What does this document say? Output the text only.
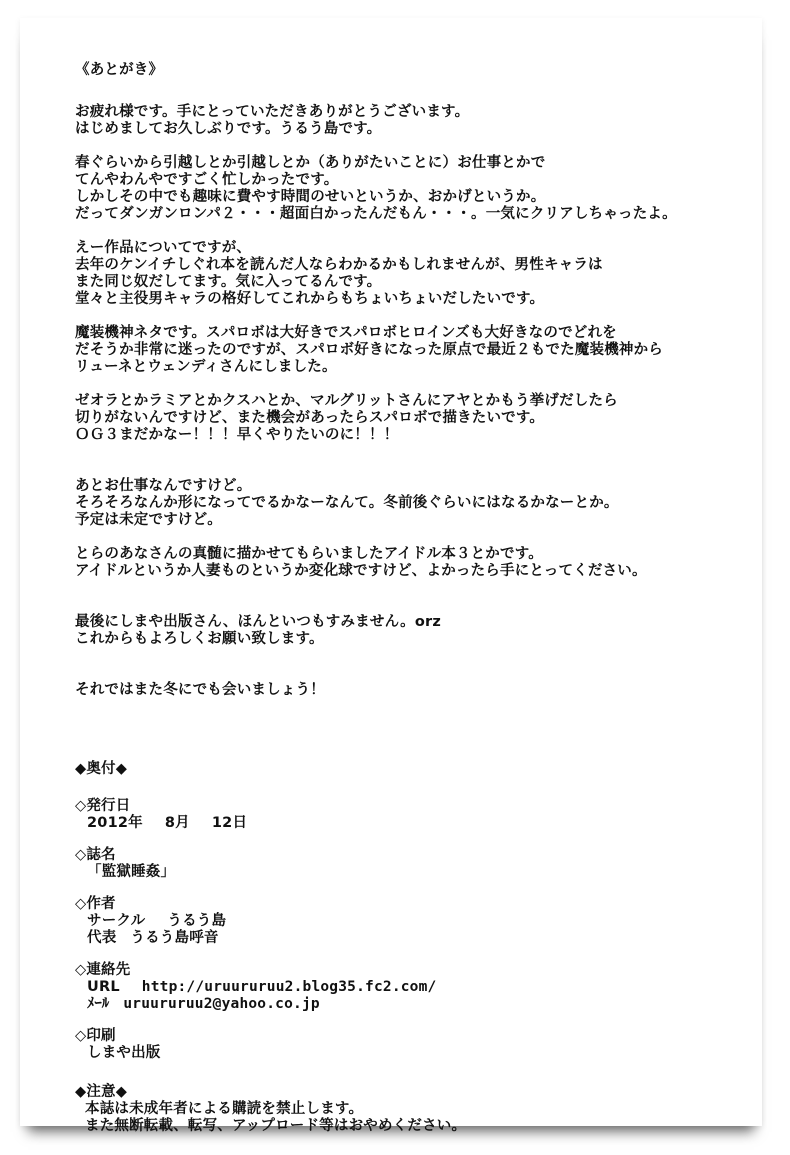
《あとがき》
お疲れ様です。手にとっていただきありがとうございます。
はじめましてお久しぶりです。うるう島です。
春ぐらいから引越しとか引越しとか（ありがたいことに）お仕事とかで
てんやわんやですごく忙しかったです。
しかしその中でも趣味に費やす時間のせいというか、おかげというか。
だってダンガンロンパ２・・・超面白かったんだもん・・・。一気にクリアしちゃったよ。
えー作品についてですが、
去年のケンイチしぐれ本を読んだ人ならわかるかもしれませんが、男性キャラは
また同じ奴だしてます。気に入ってるんです。
堂々と主役男キャラの格好してこれからもちょいちょいだしたいです。
魔装機神ネタです。スパロボは大好きでスパロボヒロインズも大好きなのでどれを
だそうか非常に迷ったのですが、スパロボ好きになった原点で最近２もでた魔装機神から
リューネとウェンディさんにしました。
ゼオラとかラミアとかクスハとか、マルグリットさんにアヤとかもう挙げだしたら
切りがないんですけど、また機会があったらスパロボで描きたいです。
ＯＧ３まだかなー！！！早くやりたいのに！！！
あとお仕事なんですけど。
そろそろなんか形になってでるかなーなんて。冬前後ぐらいにはなるかなーとか。
予定は未定ですけど。
とらのあなさんの真髄に描かせてもらいましたアイドル本３とかです。
アイドルというか人妻ものというか変化球ですけど、よかったら手にとってください。
最後にしまや出版さん、ほんといつもすみません。orz
これからもよろしくお願い致します。
それではまた冬にでも会いましょう！
◆奥付◆
◇発行日
2012年 8月 12日
◇誌名
「監獄睡姦」
◇作者
サークル うるう島
代表 うるう島呼音
◇連絡先
URL http://uruururuu2.blog35.fc2.com/
ﾒｰﾙ uruururuu2@yahoo.co.jp
◇印刷
しまや出版
◆注意◆
本誌は未成年者による購読を禁止します。
また無断転載、転写、アップロード等はおやめください。
